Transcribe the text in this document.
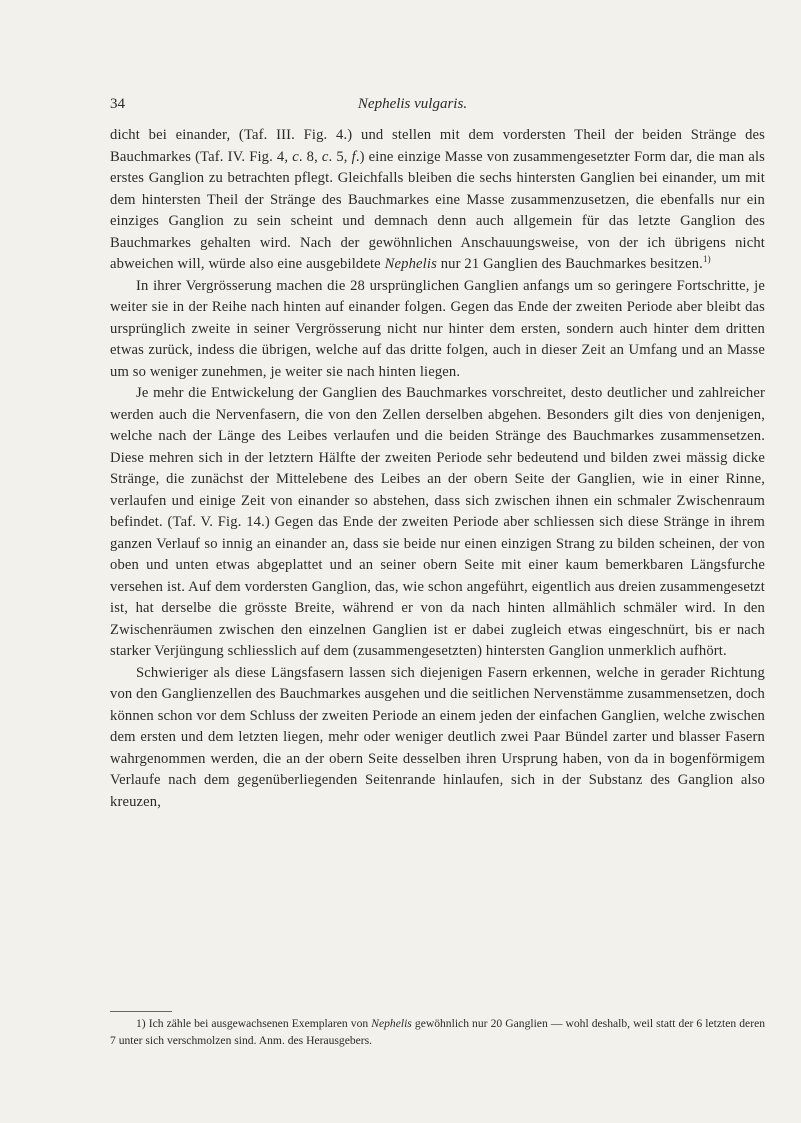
34	Nephelis vulgaris.

dicht bei einander, (Taf. III. Fig. 4.) und stellen mit dem vordersten Theil der beiden Stränge des Bauchmarkes (Taf. IV. Fig. 4, c. 8, c. 5, f.) eine einzige Masse von zusammengesetzter Form dar, die man als erstes Ganglion zu betrachten pflegt. Gleichfalls bleiben die sechs hintersten Ganglien bei einander, um mit dem hintersten Theil der Stränge des Bauchmarkes eine Masse zusammenzusetzen, die ebenfalls nur ein einziges Ganglion zu sein scheint und demnach denn auch allgemein für das letzte Ganglion des Bauchmarkes gehalten wird. Nach der gewöhnlichen Anschauungsweise, von der ich übrigens nicht abweichen will, würde also eine ausgebildete Nephelis nur 21 Ganglien des Bauchmarkes besitzen.$^{1)}$

In ihrer Vergrösserung machen die 28 ursprünglichen Ganglien anfangs um so geringere Fortschritte, je weiter sie in der Reihe nach hinten auf einander folgen. Gegen das Ende der zweiten Periode aber bleibt das ursprünglich zweite in seiner Vergrösserung nicht nur hinter dem ersten, sondern auch hinter dem dritten etwas zurück, indess die übrigen, welche auf das dritte folgen, auch in dieser Zeit an Umfang und an Masse um so weniger zunehmen, je weiter sie nach hinten liegen.

Je mehr die Entwickelung der Ganglien des Bauchmarkes vorschreitet, desto deutlicher und zahlreicher werden auch die Nervenfasern, die von den Zellen derselben abgehen. Besonders gilt dies von denjenigen, welche nach der Länge des Leibes verlaufen und die beiden Stränge des Bauchmarkes zusammensetzen. Diese mehren sich in der letztern Hälfte der zweiten Periode sehr bedeutend und bilden zwei mässig dicke Stränge, die zunächst der Mittelebene des Leibes an der obern Seite der Ganglien, wie in einer Rinne, verlaufen und einige Zeit von einander so abstehen, dass sich zwischen ihnen ein schmaler Zwischenraum befindet. (Taf. V. Fig. 14.) Gegen das Ende der zweiten Periode aber schliessen sich diese Stränge in ihrem ganzen Verlauf so innig an einander an, dass sie beide nur einen einzigen Strang zu bilden scheinen, der von oben und unten etwas abgeplattet und an seiner obern Seite mit einer kaum bemerkbaren Längsfurche versehen ist. Auf dem vordersten Ganglion, das, wie schon angeführt, eigentlich aus dreien zusammengesetzt ist, hat derselbe die grösste Breite, während er von da nach hinten allmählich schmäler wird. In den Zwischenräumen zwischen den einzelnen Ganglien ist er dabei zugleich etwas eingeschnürt, bis er nach starker Verjüngung schliesslich auf dem (zusammengesetzten) hintersten Ganglion unmerklich aufhört.

Schwieriger als diese Längsfasern lassen sich diejenigen Fasern erkennen, welche in gerader Richtung von den Ganglienzellen des Bauchmarkes ausgehen und die seitlichen Nervenstämme zusammensetzen, doch können schon vor dem Schluss der zweiten Periode an einem jeden der einfachen Ganglien, welche zwischen dem ersten und dem letzten liegen, mehr oder weniger deutlich zwei Paar Bündel zarter und blasser Fasern wahrgenommen werden, die an der obern Seite desselben ihren Ursprung haben, von da in bogenförmigem Verlaufe nach dem gegenüberliegenden Seitenrande hinlaufen, sich in der Substanz des Ganglion also kreuzen,

1) Ich zähle bei ausgewachsenen Exemplaren von Nephelis gewöhnlich nur 20 Ganglien — wohl deshalb, weil statt der 6 letzten deren 7 unter sich verschmolzen sind. Anm. des Herausgebers.
